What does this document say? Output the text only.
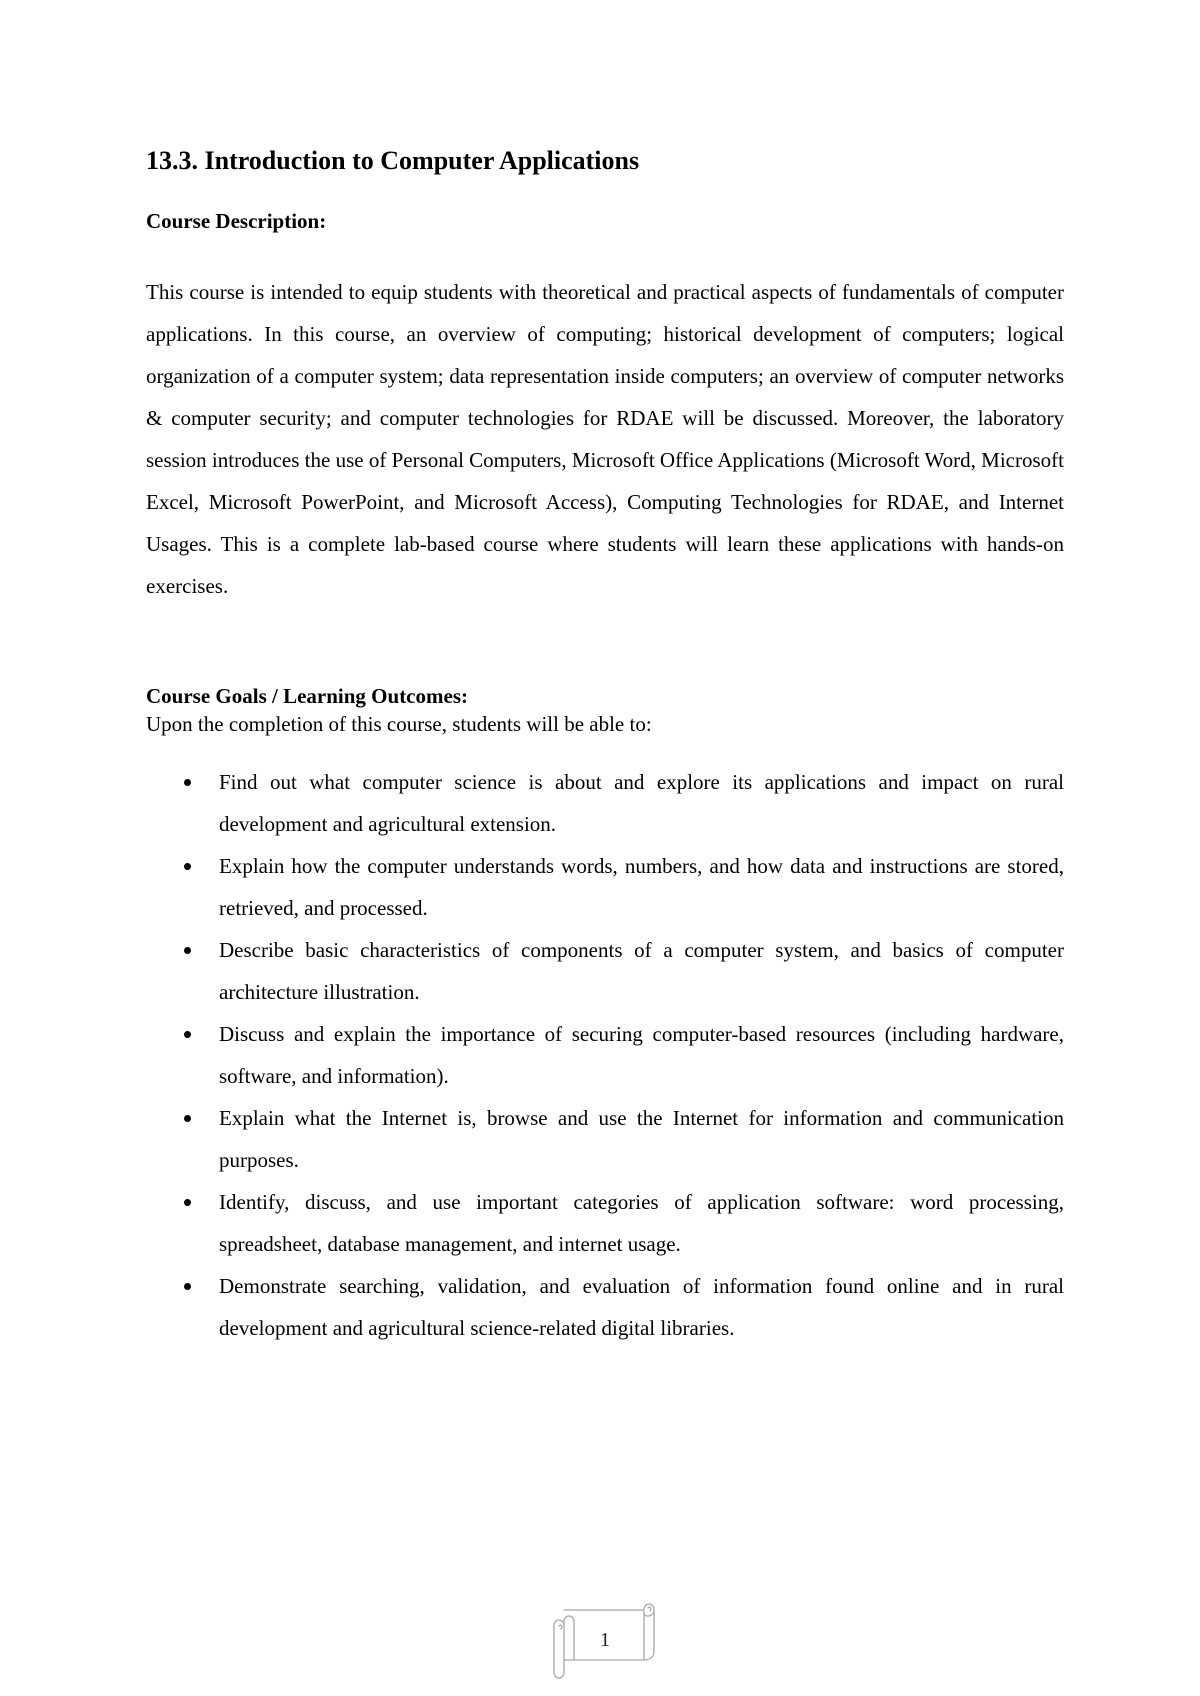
13.3. Introduction to Computer Applications
Course Description:

This course is intended to equip students with theoretical and practical aspects of fundamentals of computer applications. In this course, an overview of computing; historical development of computers; logical organization of a computer system; data representation inside computers; an overview of computer networks & computer security; and computer technologies for RDAE will be discussed. Moreover, the laboratory session introduces the use of Personal Computers, Microsoft Office Applications (Microsoft Word, Microsoft Excel, Microsoft PowerPoint, and Microsoft Access), Computing Technologies for RDAE, and Internet Usages. This is a complete lab-based course where students will learn these applications with hands-on exercises.

Course Goals / Learning Outcomes:

Upon the completion of this course, students will be able to:

Find out what computer science is about and explore its applications and impact on rural development and agricultural extension.
Explain how the computer understands words, numbers, and how data and instructions are stored, retrieved, and processed.
Describe basic characteristics of components of a computer system, and basics of computer architecture illustration.
Discuss and explain the importance of securing computer-based resources (including hardware, software, and information).
Explain what the Internet is, browse and use the Internet for information and communication purposes.
Identify, discuss, and use important categories of application software: word processing, spreadsheet, database management, and internet usage.
Demonstrate searching, validation, and evaluation of information found online and in rural development and agricultural science-related digital libraries.
1
